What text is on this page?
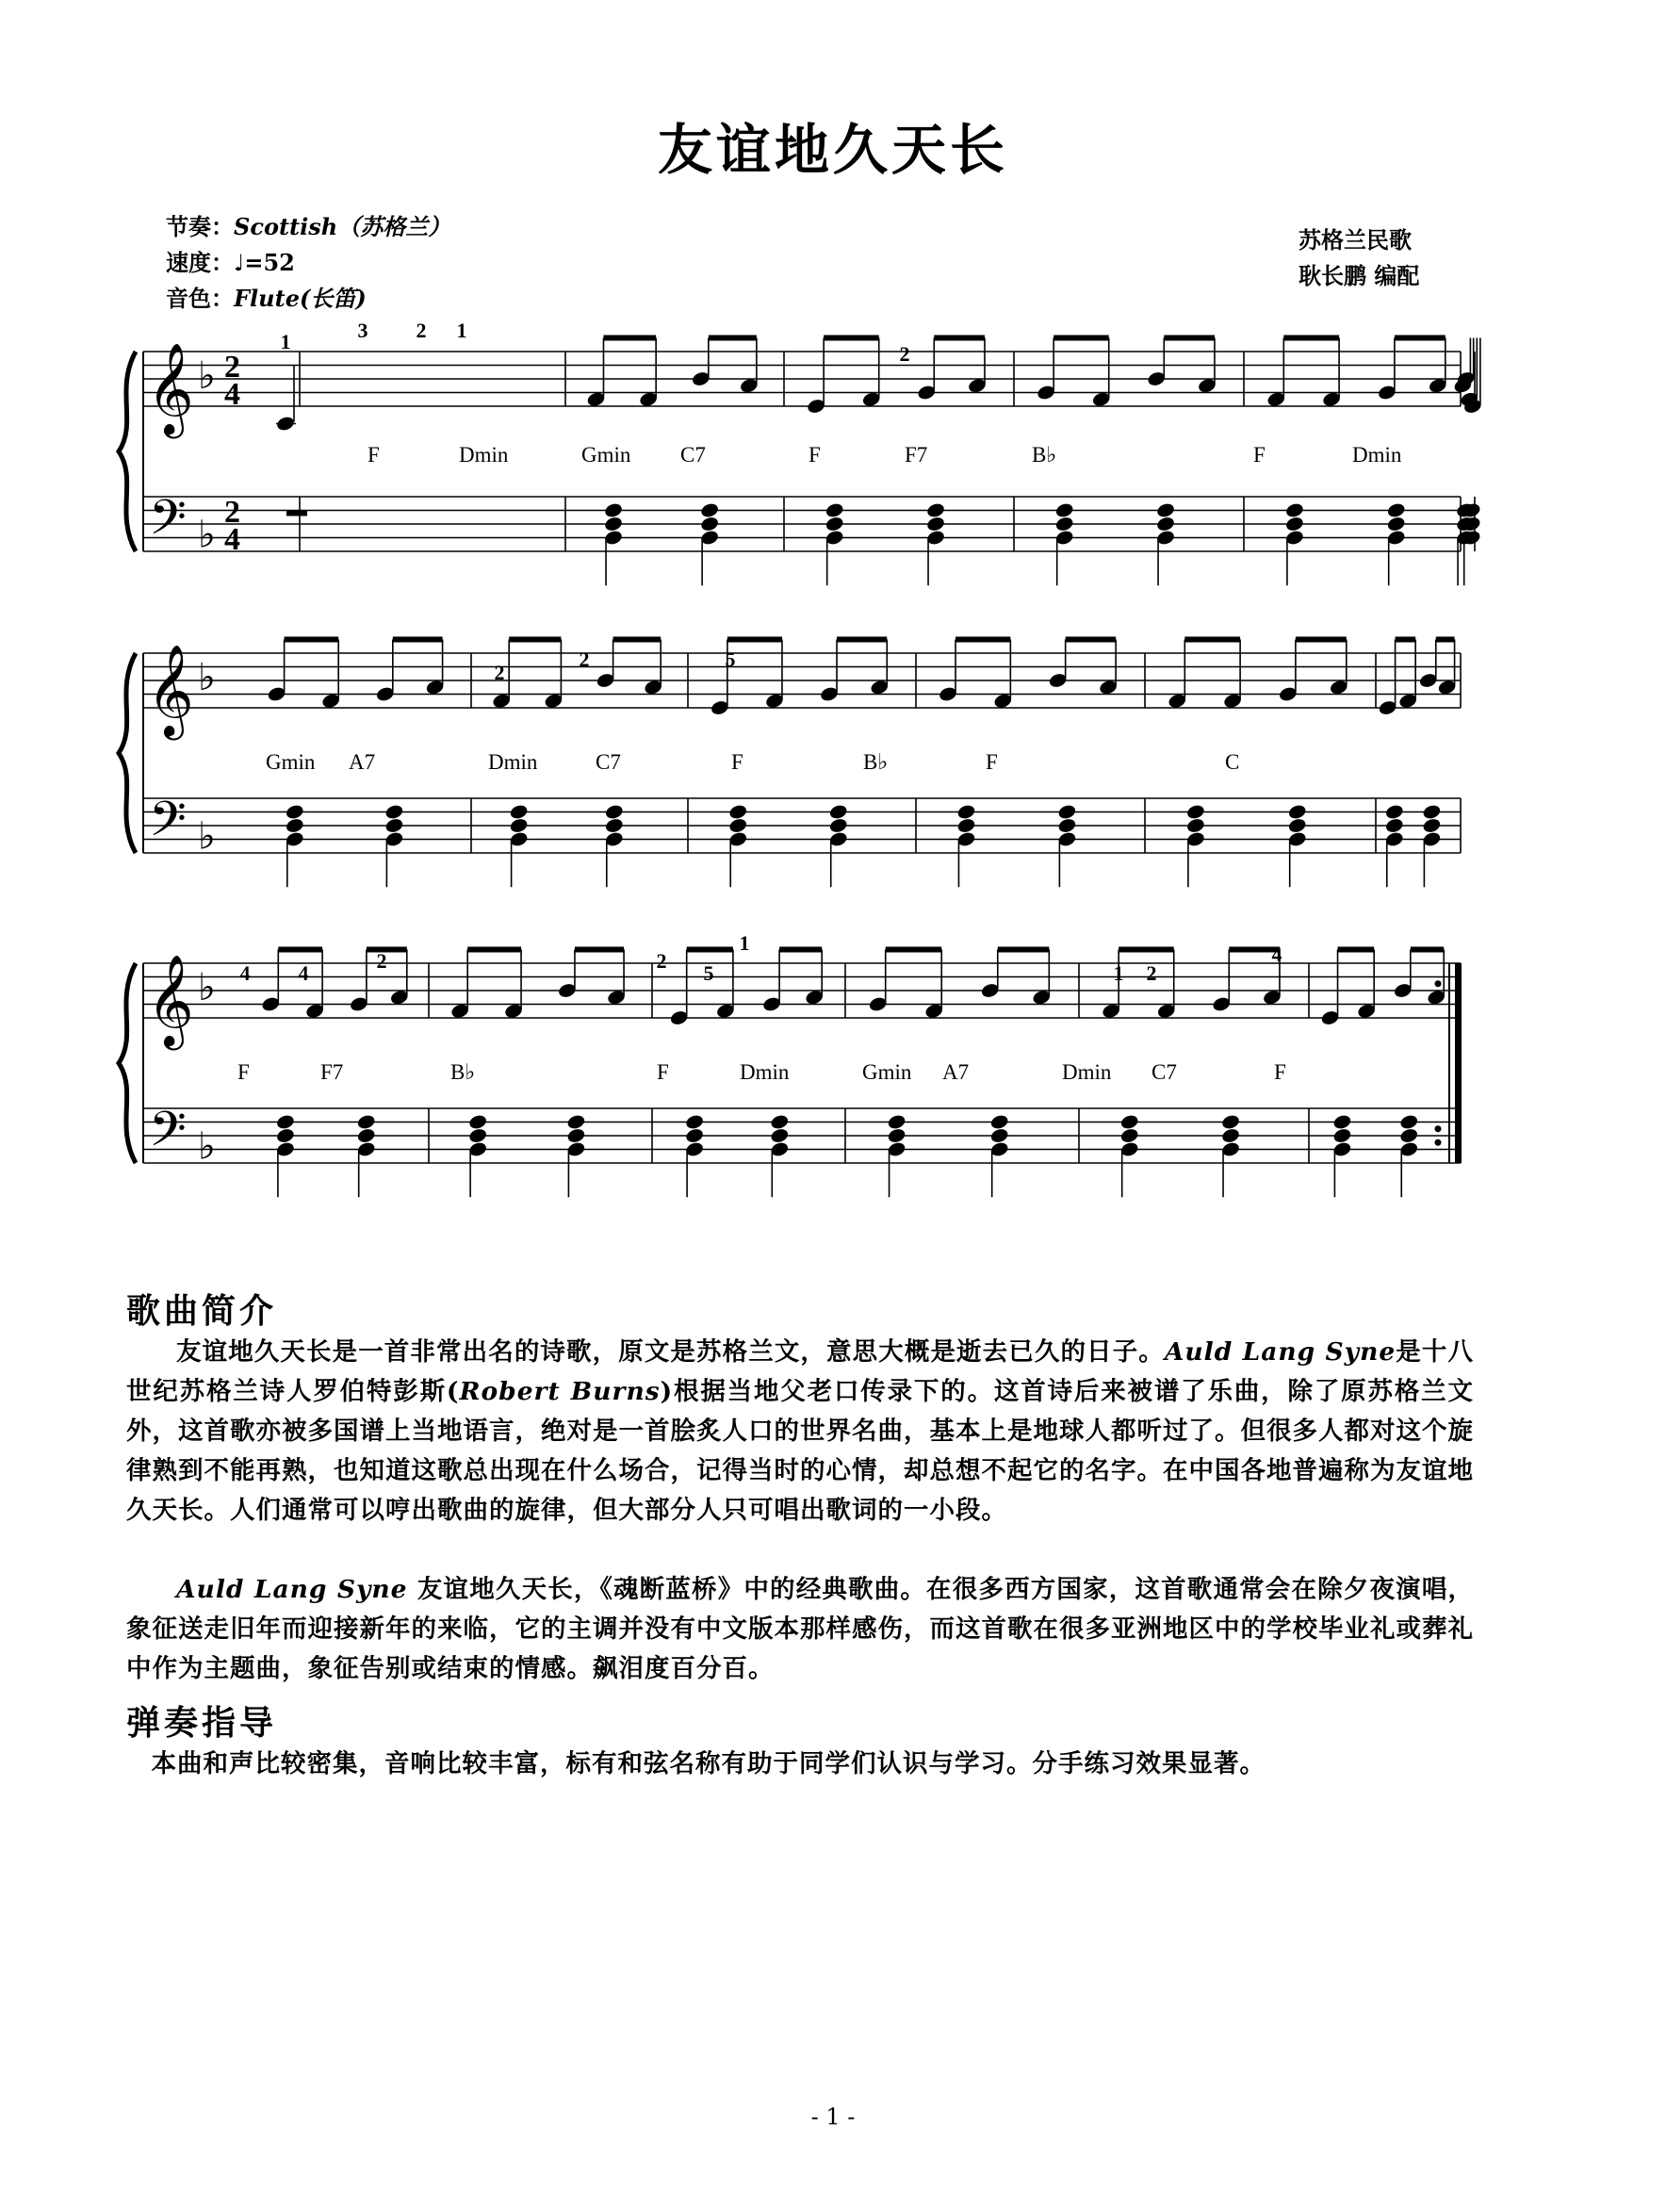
友谊地久天长
节奏：Scottish（苏格兰）
速度：♩=52
音色：Flute(长笛)
苏格兰民歌
耿长鹏 编配
𝄞
𝄢
♭
♭
2
4
2
4
𝄞
𝄢
♭
♭
𝄞
𝄢
♭
♭
1	3 2 1
2
2
2	5
4 4
2	2
1
5	1 2
4
F	Dmin	Gmin C7	F	F7	B♭	F	Dmin
Gmin A7	Dmin	C7	F	B♭	F	C
F	F7	B♭	F	Dmin	Gmin A7	Dmin C7	F
歌曲简介
友谊地久天长是一首非常出名的诗歌，原文是苏格兰文，意思大概是逝去已久的日子。Auld Lang Syne是十八世纪苏格兰诗人罗伯特彭斯(Robert Burns)根据当地父老口传录下的。这首诗后来被谱了乐曲，除了原苏格兰文外，这首歌亦被多国谱上当地语言，绝对是一首脍炙人口的世界名曲，基本上是地球人都听过了。但很多人都对这个旋律熟到不能再熟，也知道这歌总出现在什么场合，记得当时的心情，却总想不起它的名字。在中国各地普遍称为友谊地久天长。人们通常可以哼出歌曲的旋律，但大部分人只可唱出歌词的一小段。
Auld Lang Syne 友谊地久天长，《魂断蓝桥》中的经典歌曲。在很多西方国家，这首歌通常会在除夕夜演唱，象征送走旧年而迎接新年的来临，它的主调并没有中文版本那样感伤，而这首歌在很多亚洲地区中的学校毕业礼或葬礼中作为主题曲，象征告别或结束的情感。飙泪度百分百。
弹奏指导
本曲和声比较密集，音响比较丰富，标有和弦名称有助于同学们认识与学习。分手练习效果显著。
- 1 -
